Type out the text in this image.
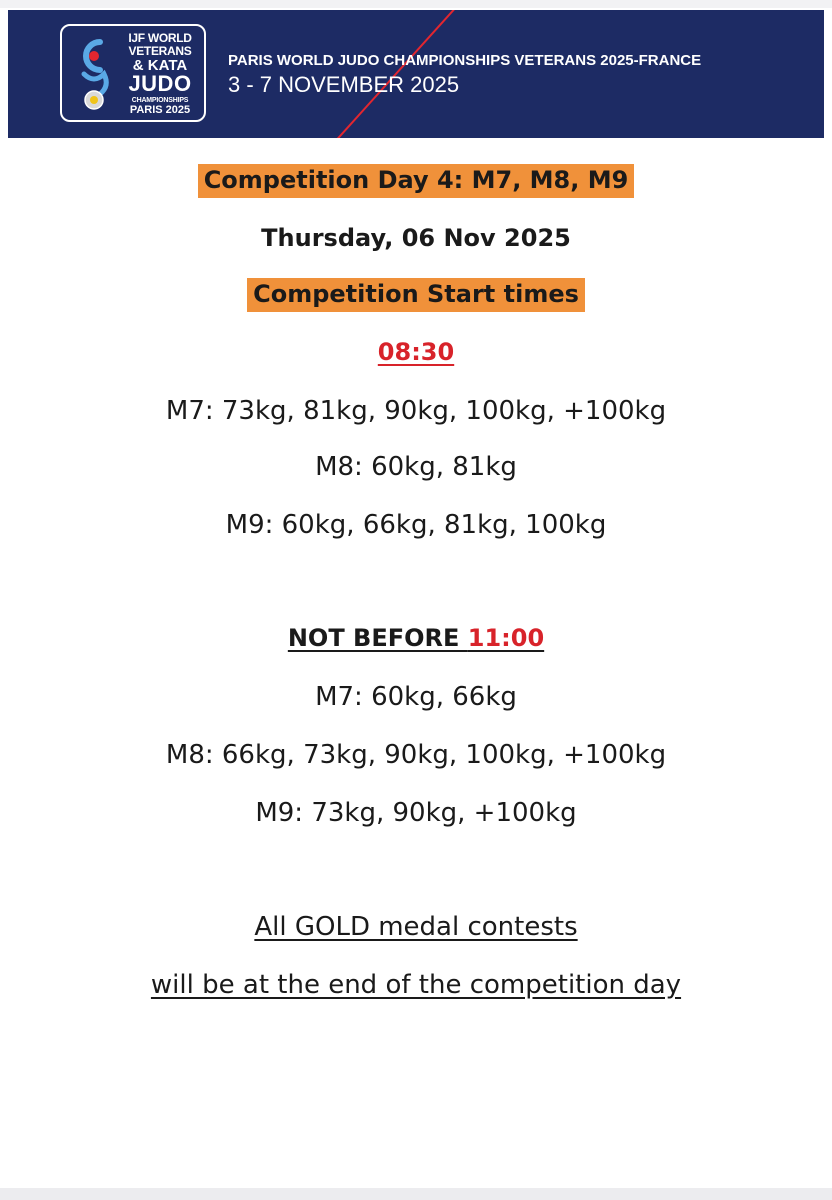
IJF WORLD
VETERANS
& KATA
JUDO
CHAMPIONSHIPS
PARIS 2025
PARIS WORLD JUDO CHAMPIONSHIPS VETERANS 2025-FRANCE
3 - 7 NOVEMBER 2025
Competition Day 4: M7, M8, M9
Thursday, 06 Nov 2025
Competition Start times
08:30
M7: 73kg, 81kg, 90kg, 100kg, +100kg
M8: 60kg, 81kg
M9: 60kg, 66kg, 81kg, 100kg
NOT BEFORE 11:00
M7: 60kg, 66kg
M8: 66kg, 73kg, 90kg, 100kg, +100kg
M9: 73kg, 90kg, +100kg
All GOLD medal contests
will be at the end of the competition day
